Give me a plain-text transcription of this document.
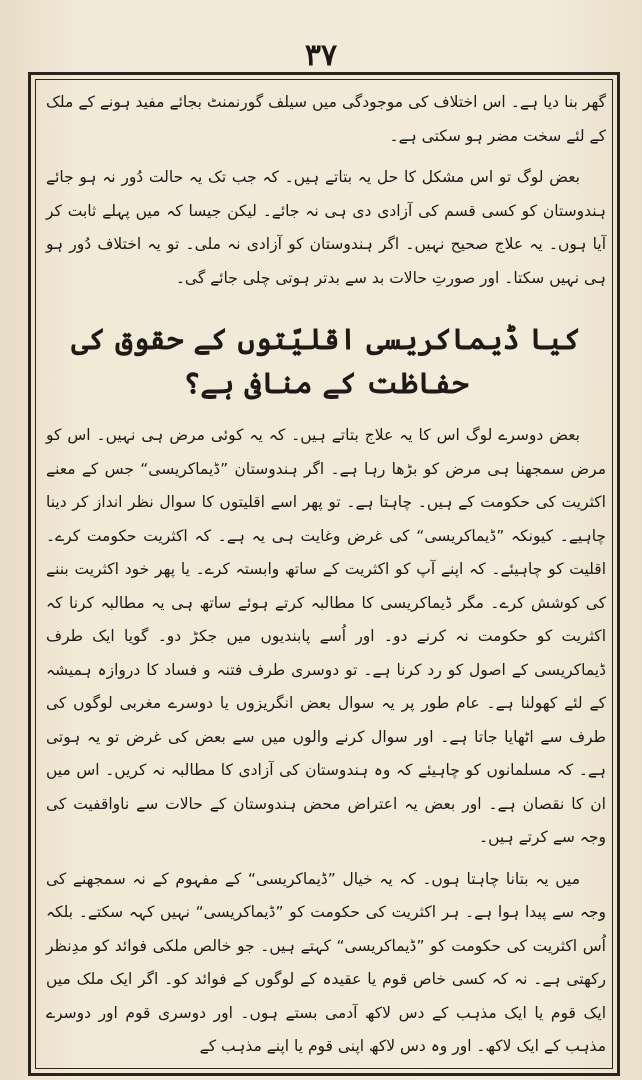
۳۷

گھر بنا دیا ہے۔ اس اختلاف کی موجودگی میں سیلف گورنمنٹ بجائے مفید ہونے کے ملک کے لئے سخت مضر ہو سکتی ہے۔

بعض لوگ تو اس مشکل کا حل یہ بتاتے ہیں۔ کہ جب تک یہ حالت دُور نہ ہو جائے ہندوستان کو کسی قسم کی آزادی دی ہی نہ جائے۔ لیکن جیسا کہ میں پہلے ثابت کر آیا ہوں۔ یہ علاج صحیح نہیں۔ اگر ہندوستان کو آزادی نہ ملی۔ تو یہ اختلاف دُور ہو ہی نہیں سکتا۔ اور صورتِ حالات بد سے بدتر ہوتی چلی جائے گی۔

کیا ڈیماکریسی اقلیّتوں کے حقوق کی حفاظت کے منافی ہے؟

بعض دوسرے لوگ اس کا یہ علاج بتاتے ہیں۔ کہ یہ کوئی مرض ہی نہیں۔ اس کو مرض سمجھنا ہی مرض کو بڑھا رہا ہے۔ اگر ہندوستان ”ڈیماکریسی“ جس کے معنے اکثریت کی حکومت کے ہیں۔ چاہتا ہے۔ تو پھر اسے اقلیتوں کا سوال نظر انداز کر دینا چاہیے۔ کیونکہ ”ڈیماکریسی“ کی غرض وغایت ہی یہ ہے۔ کہ اکثریت حکومت کرے۔ اقلیت کو چاہیئے۔ کہ اپنے آپ کو اکثریت کے ساتھ وابستہ کرے۔ یا پھر خود اکثریت بننے کی کوشش کرے۔ مگر ڈیماکریسی کا مطالبہ کرتے ہوئے ساتھ ہی یہ مطالبہ کرنا کہ اکثریت کو حکومت نہ کرنے دو۔ اور اُسے پابندیوں میں جکڑ دو۔ گویا ایک طرف ڈیماکریسی کے اصول کو رد کرنا ہے۔ تو دوسری طرف فتنہ و فساد کا دروازہ ہمیشہ کے لئے کھولنا ہے۔ عام طور پر یہ سوال بعض انگریزوں یا دوسرے مغربی لوگوں کی طرف سے اٹھایا جاتا ہے۔ اور سوال کرنے والوں میں سے بعض کی غرض تو یہ ہوتی ہے۔ کہ مسلمانوں کو چاہیئے کہ وہ ہندوستان کی آزادی کا مطالبہ نہ کریں۔ اس میں ان کا نقصان ہے۔ اور بعض یہ اعتراض محض ہندوستان کے حالات سے ناواقفیت کی وجہ سے کرتے ہیں۔

میں یہ بتانا چاہتا ہوں۔ کہ یہ خیال ”ڈیماکریسی“ کے مفہوم کے نہ سمجھنے کی وجہ سے پیدا ہوا ہے۔ ہر اکثریت کی حکومت کو ”ڈیماکریسی“ نہیں کہہ سکتے۔ بلکہ اُس اکثریت کی حکومت کو ”ڈیماکریسی“ کہتے ہیں۔ جو خالص ملکی فوائد کو مدِنظر رکھتی ہے۔ نہ کہ کسی خاص قوم یا عقیدہ کے لوگوں کے فوائد کو۔ اگر ایک ملک میں ایک قوم یا ایک مذہب کے دس لاکھ آدمی بستے ہوں۔ اور دوسری قوم اور دوسرے مذہب کے ایک لاکھ۔ اور وہ دس لاکھ اپنی قوم یا اپنے مذہب کے
